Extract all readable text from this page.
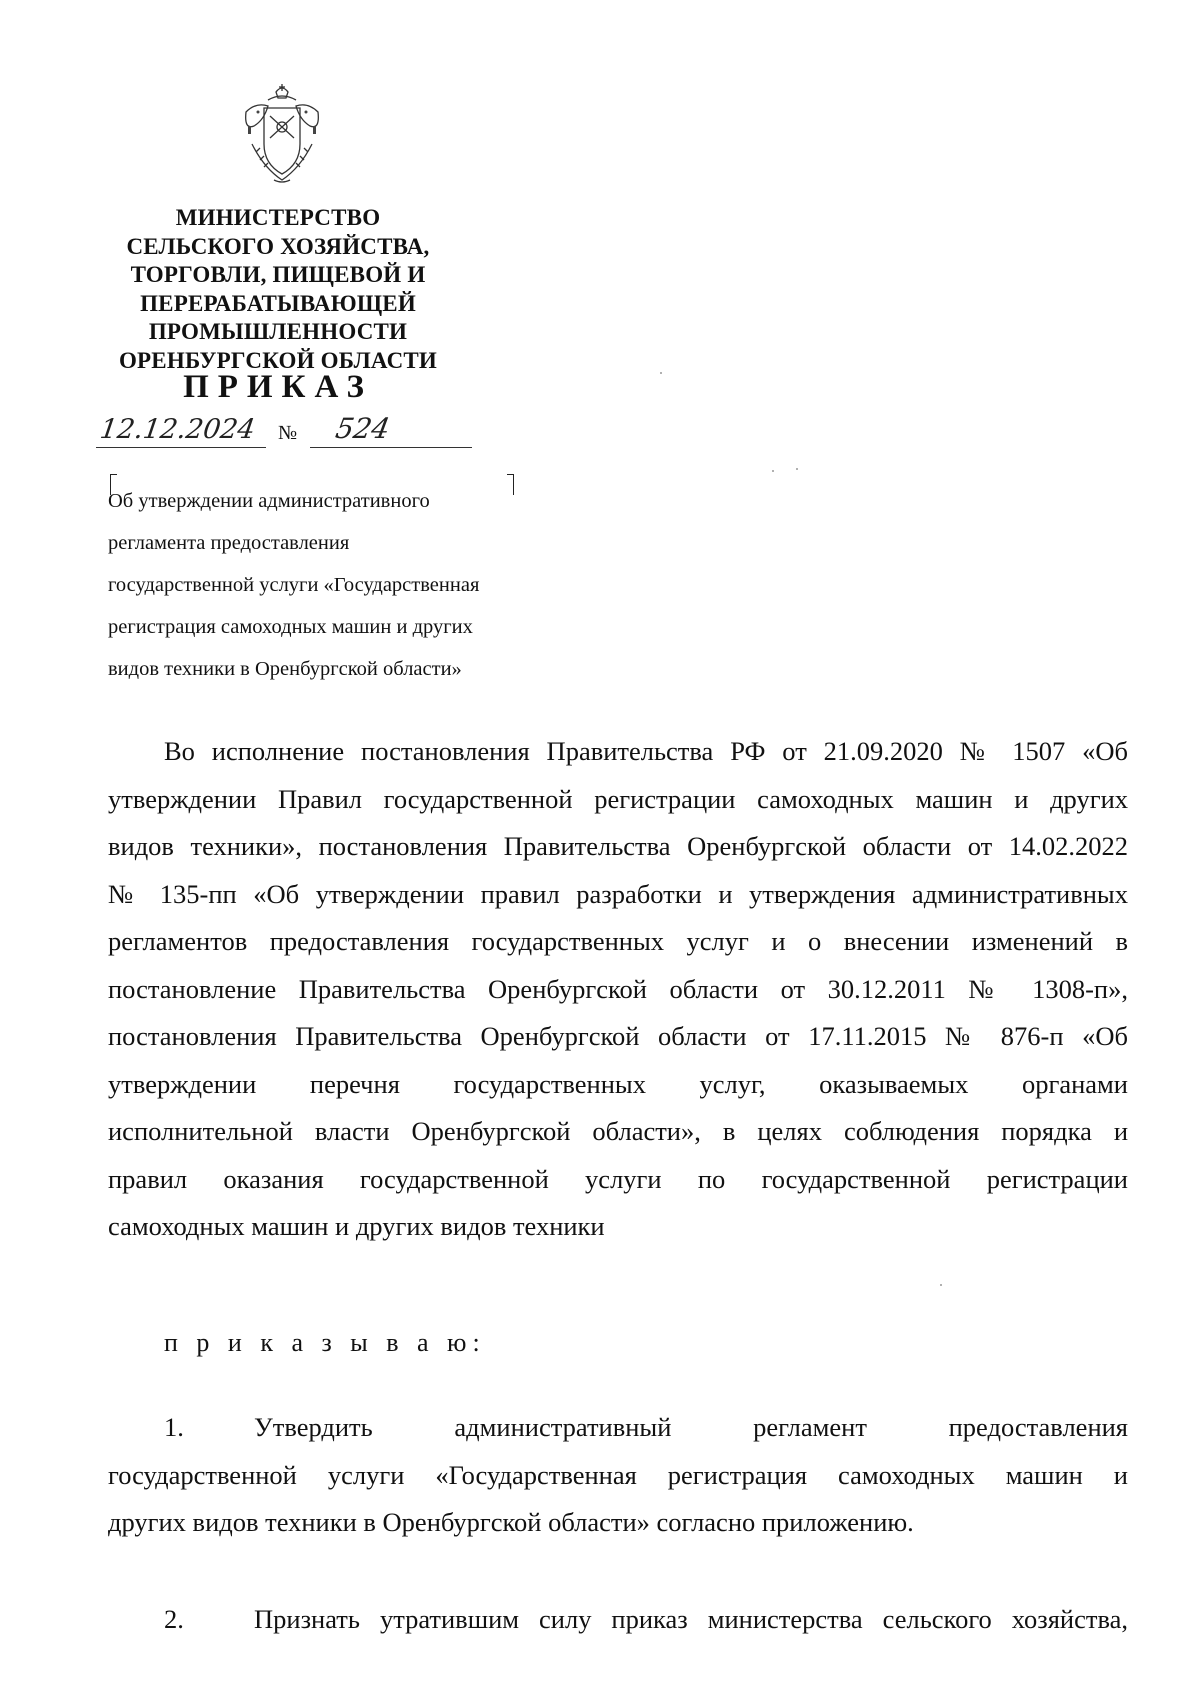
МИНИСТЕРСТВО
СЕЛЬСКОГО ХОЗЯЙСТВА,
ТОРГОВЛИ, ПИЩЕВОЙ И
ПЕРЕРАБАТЫВАЮЩЕЙ
ПРОМЫШЛЕННОСТИ
ОРЕНБУРГСКОЙ ОБЛАСТИ
ПРИКАЗ
12.12.2024	№ 524
Об утверждении административного
регламента предоставления
государственной услуги «Государственная
регистрация самоходных машин и других
видов техники в Оренбургской области»
Во исполнение постановления Правительства РФ от 21.09.2020 № 1507 «Об
утверждении Правил государственной регистрации самоходных машин и других
видов техники», постановления Правительства Оренбургской области от 14.02.2022
№ 135-пп «Об утверждении правил разработки и утверждения административных
регламентов предоставления государственных услуг и о внесении изменений в
постановление Правительства Оренбургской области от 30.12.2011 № 1308-п»,
постановления Правительства Оренбургской области от 17.11.2015 № 876-п «Об
утверждении перечня государственных услуг, оказываемых органами
исполнительной власти Оренбургской области», в целях соблюдения порядка и
правил оказания государственной услуги по государственной регистрации
самоходных машин и других видов техники
п р и к а з ы в а ю:
1.	Утвердить административный регламент предоставления
государственной услуги «Государственная регистрация самоходных машин и
других видов техники в Оренбургской области» согласно приложению.
2.	Признать утратившим силу приказ министерства сельского хозяйства,
